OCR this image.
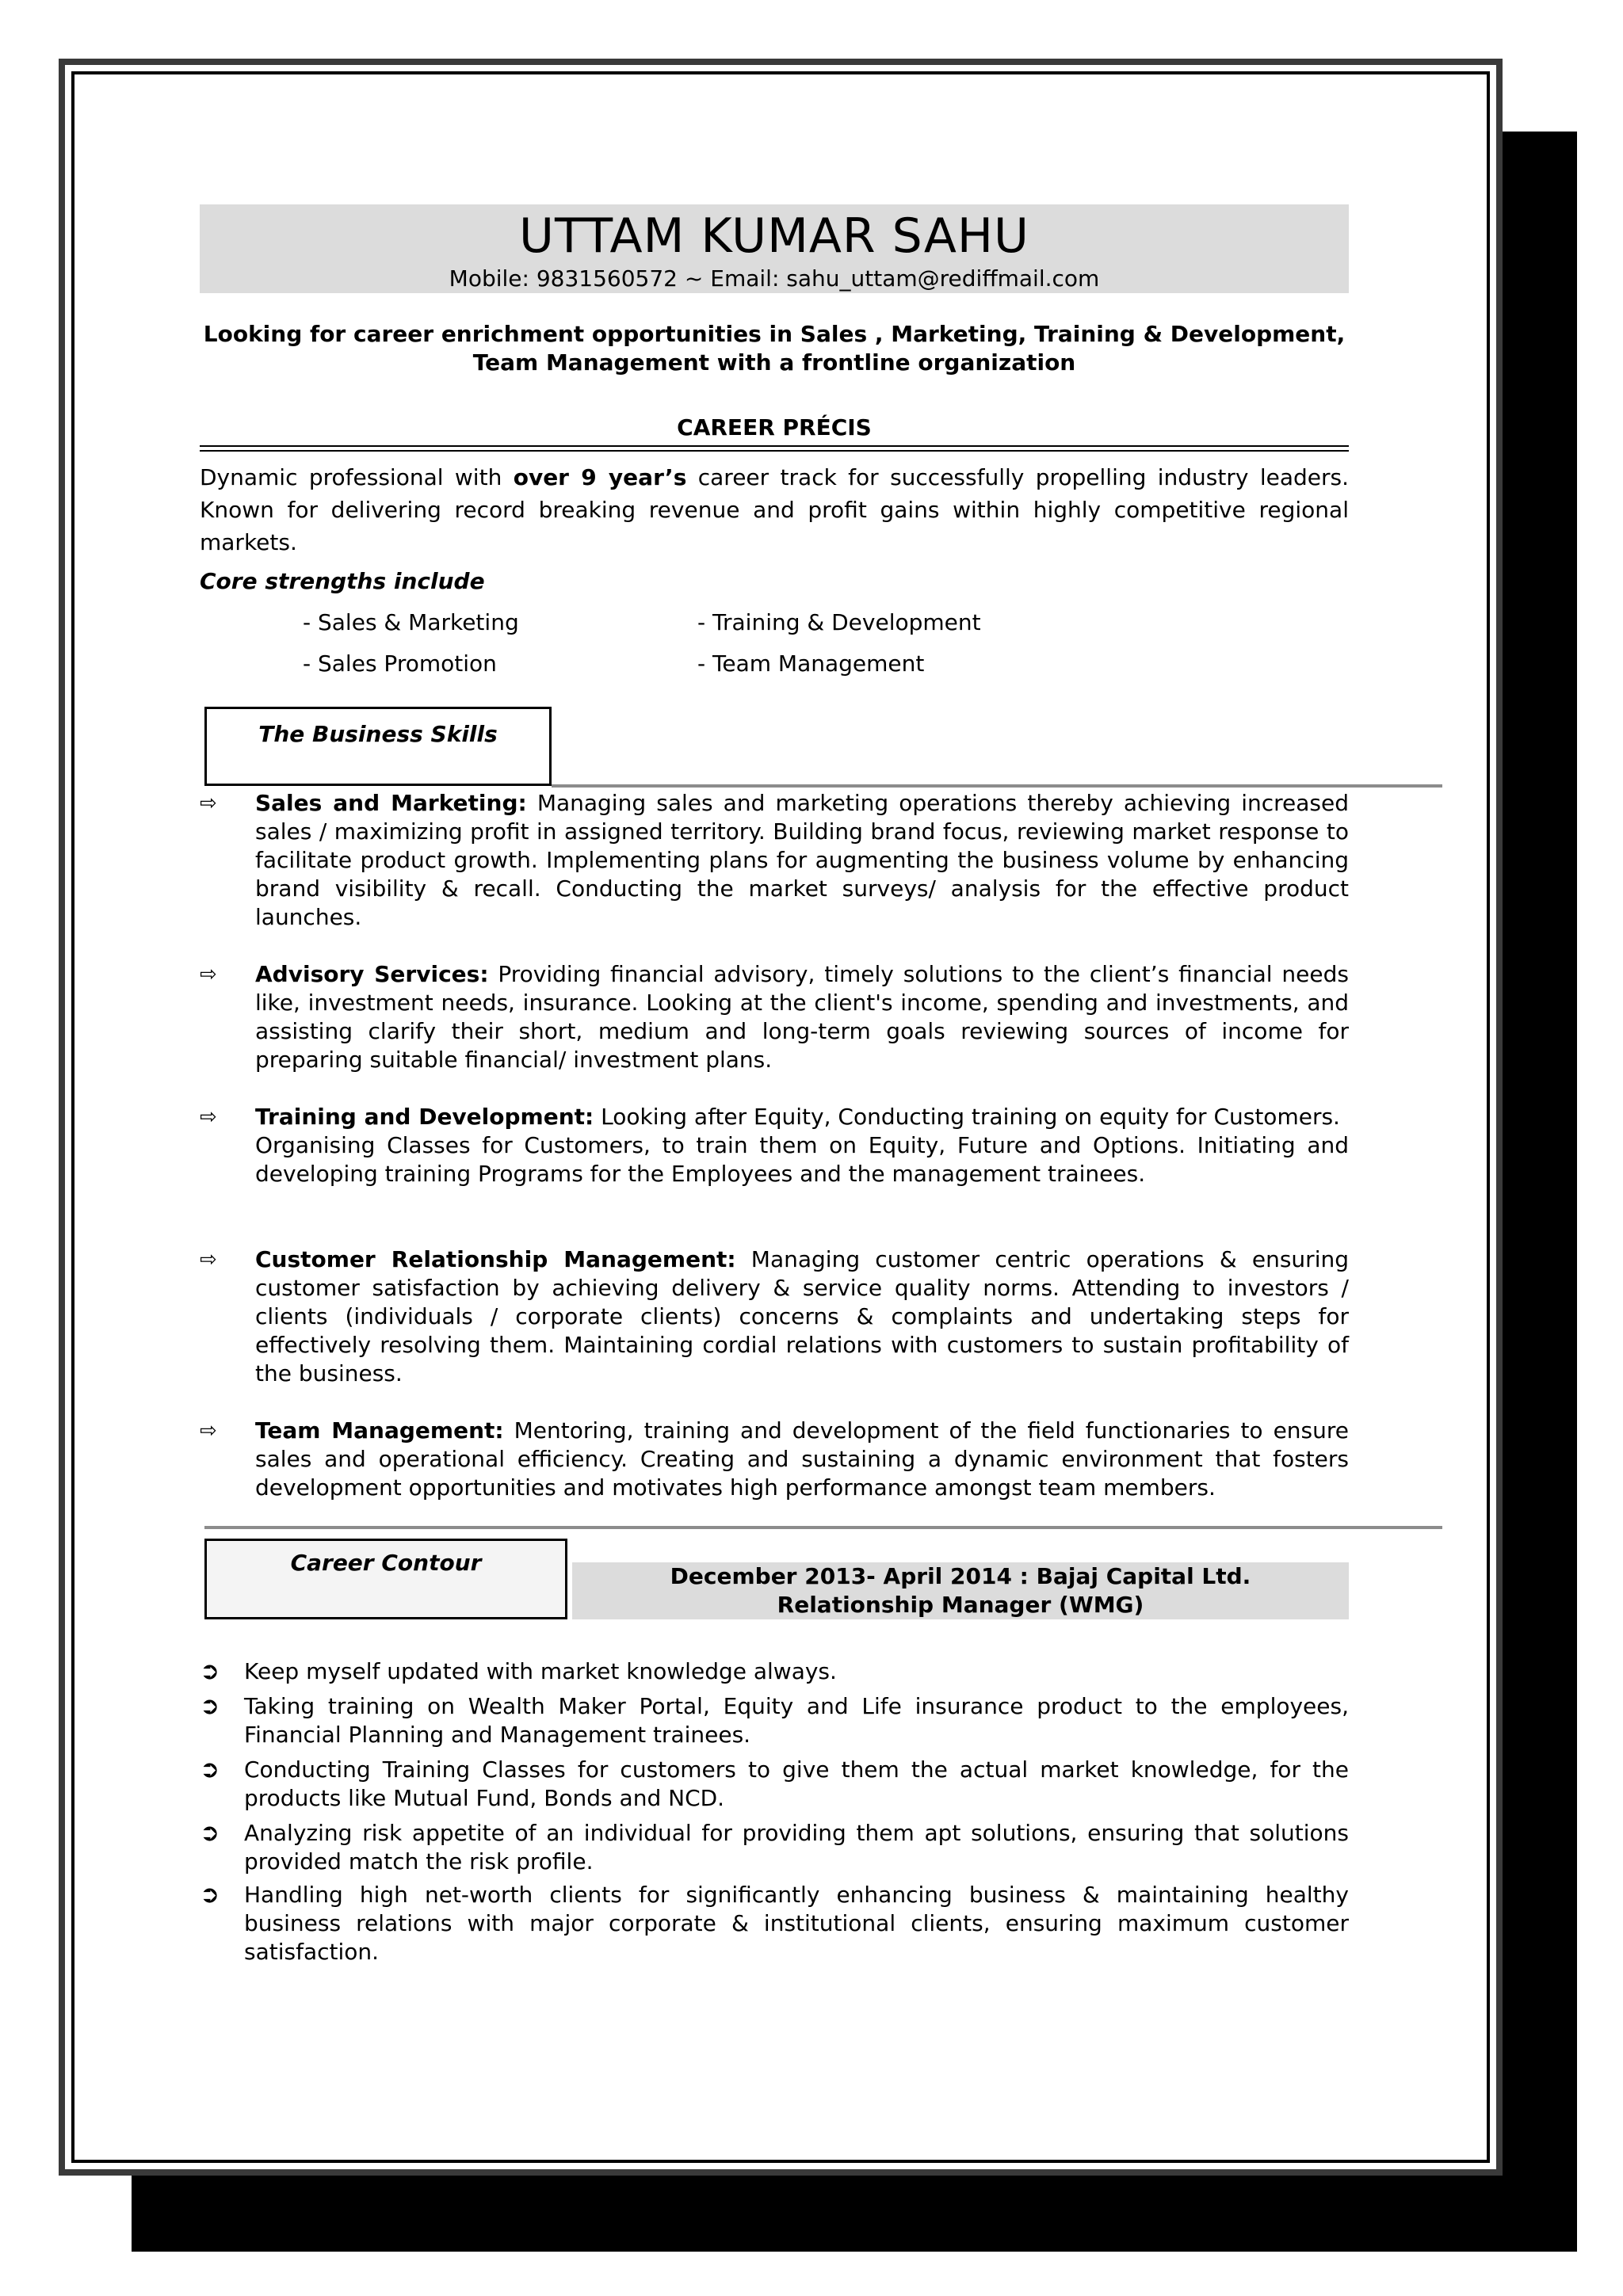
UTTAM KUMAR SAHU
Mobile: 9831560572 ~ Email: sahu_uttam@rediffmail.com
Looking for career enrichment opportunities in Sales , Marketing, Training & Development, Team Management with a frontline organization
CAREER PRÉCIS
Dynamic professional with over 9 year’s career track for successfully propelling industry leaders. Known for delivering record breaking revenue and profit gains within highly competitive regional markets.
Core strengths include
- Sales & Marketing	- Training & Development
- Sales Promotion	- Team Management
The Business Skills
⇨	Sales and Marketing: Managing sales and marketing operations thereby achieving increased sales / maximizing profit in assigned territory. Building brand focus, reviewing market response to facilitate product growth. Implementing plans for augmenting the business volume by enhancing brand visibility & recall. Conducting the market surveys/ analysis for the effective product launches.
⇨	Advisory Services: Providing financial advisory, timely solutions to the client’s financial needs like, investment needs, insurance. Looking at the client's income, spending and investments, and assisting clarify their short, medium and long-term goals reviewing sources of income for preparing suitable financial/ investment plans.
⇨	Training and Development: Looking after Equity, Conducting training on equity for Customers.
Organising Classes for Customers, to train them on Equity, Future and Options. Initiating and developing training Programs for the Employees and the management trainees.
⇨	Customer Relationship Management: Managing customer centric operations & ensuring customer satisfaction by achieving delivery & service quality norms. Attending to investors / clients (individuals / corporate clients) concerns & complaints and undertaking steps for effectively resolving them. Maintaining cordial relations with customers to sustain profitability of the business.
⇨	Team Management: Mentoring, training and development of the field functionaries to ensure sales and operational efficiency. Creating and sustaining a dynamic environment that fosters development opportunities and motivates high performance amongst team members.
Career Contour
December 2013- April 2014 : Bajaj Capital Ltd.
Relationship Manager (WMG)
➲ Keep myself updated with market knowledge always.
➲ Taking training on Wealth Maker Portal, Equity and Life insurance product to the employees, Financial Planning and Management trainees.
➲ Conducting Training Classes for customers to give them the actual market knowledge, for the products like Mutual Fund, Bonds and NCD.
➲ Analyzing risk appetite of an individual for providing them apt solutions, ensuring that solutions provided match the risk profile.
➲ Handling high net-worth clients for significantly enhancing business & maintaining healthy business relations with major corporate & institutional clients, ensuring maximum customer satisfaction.
